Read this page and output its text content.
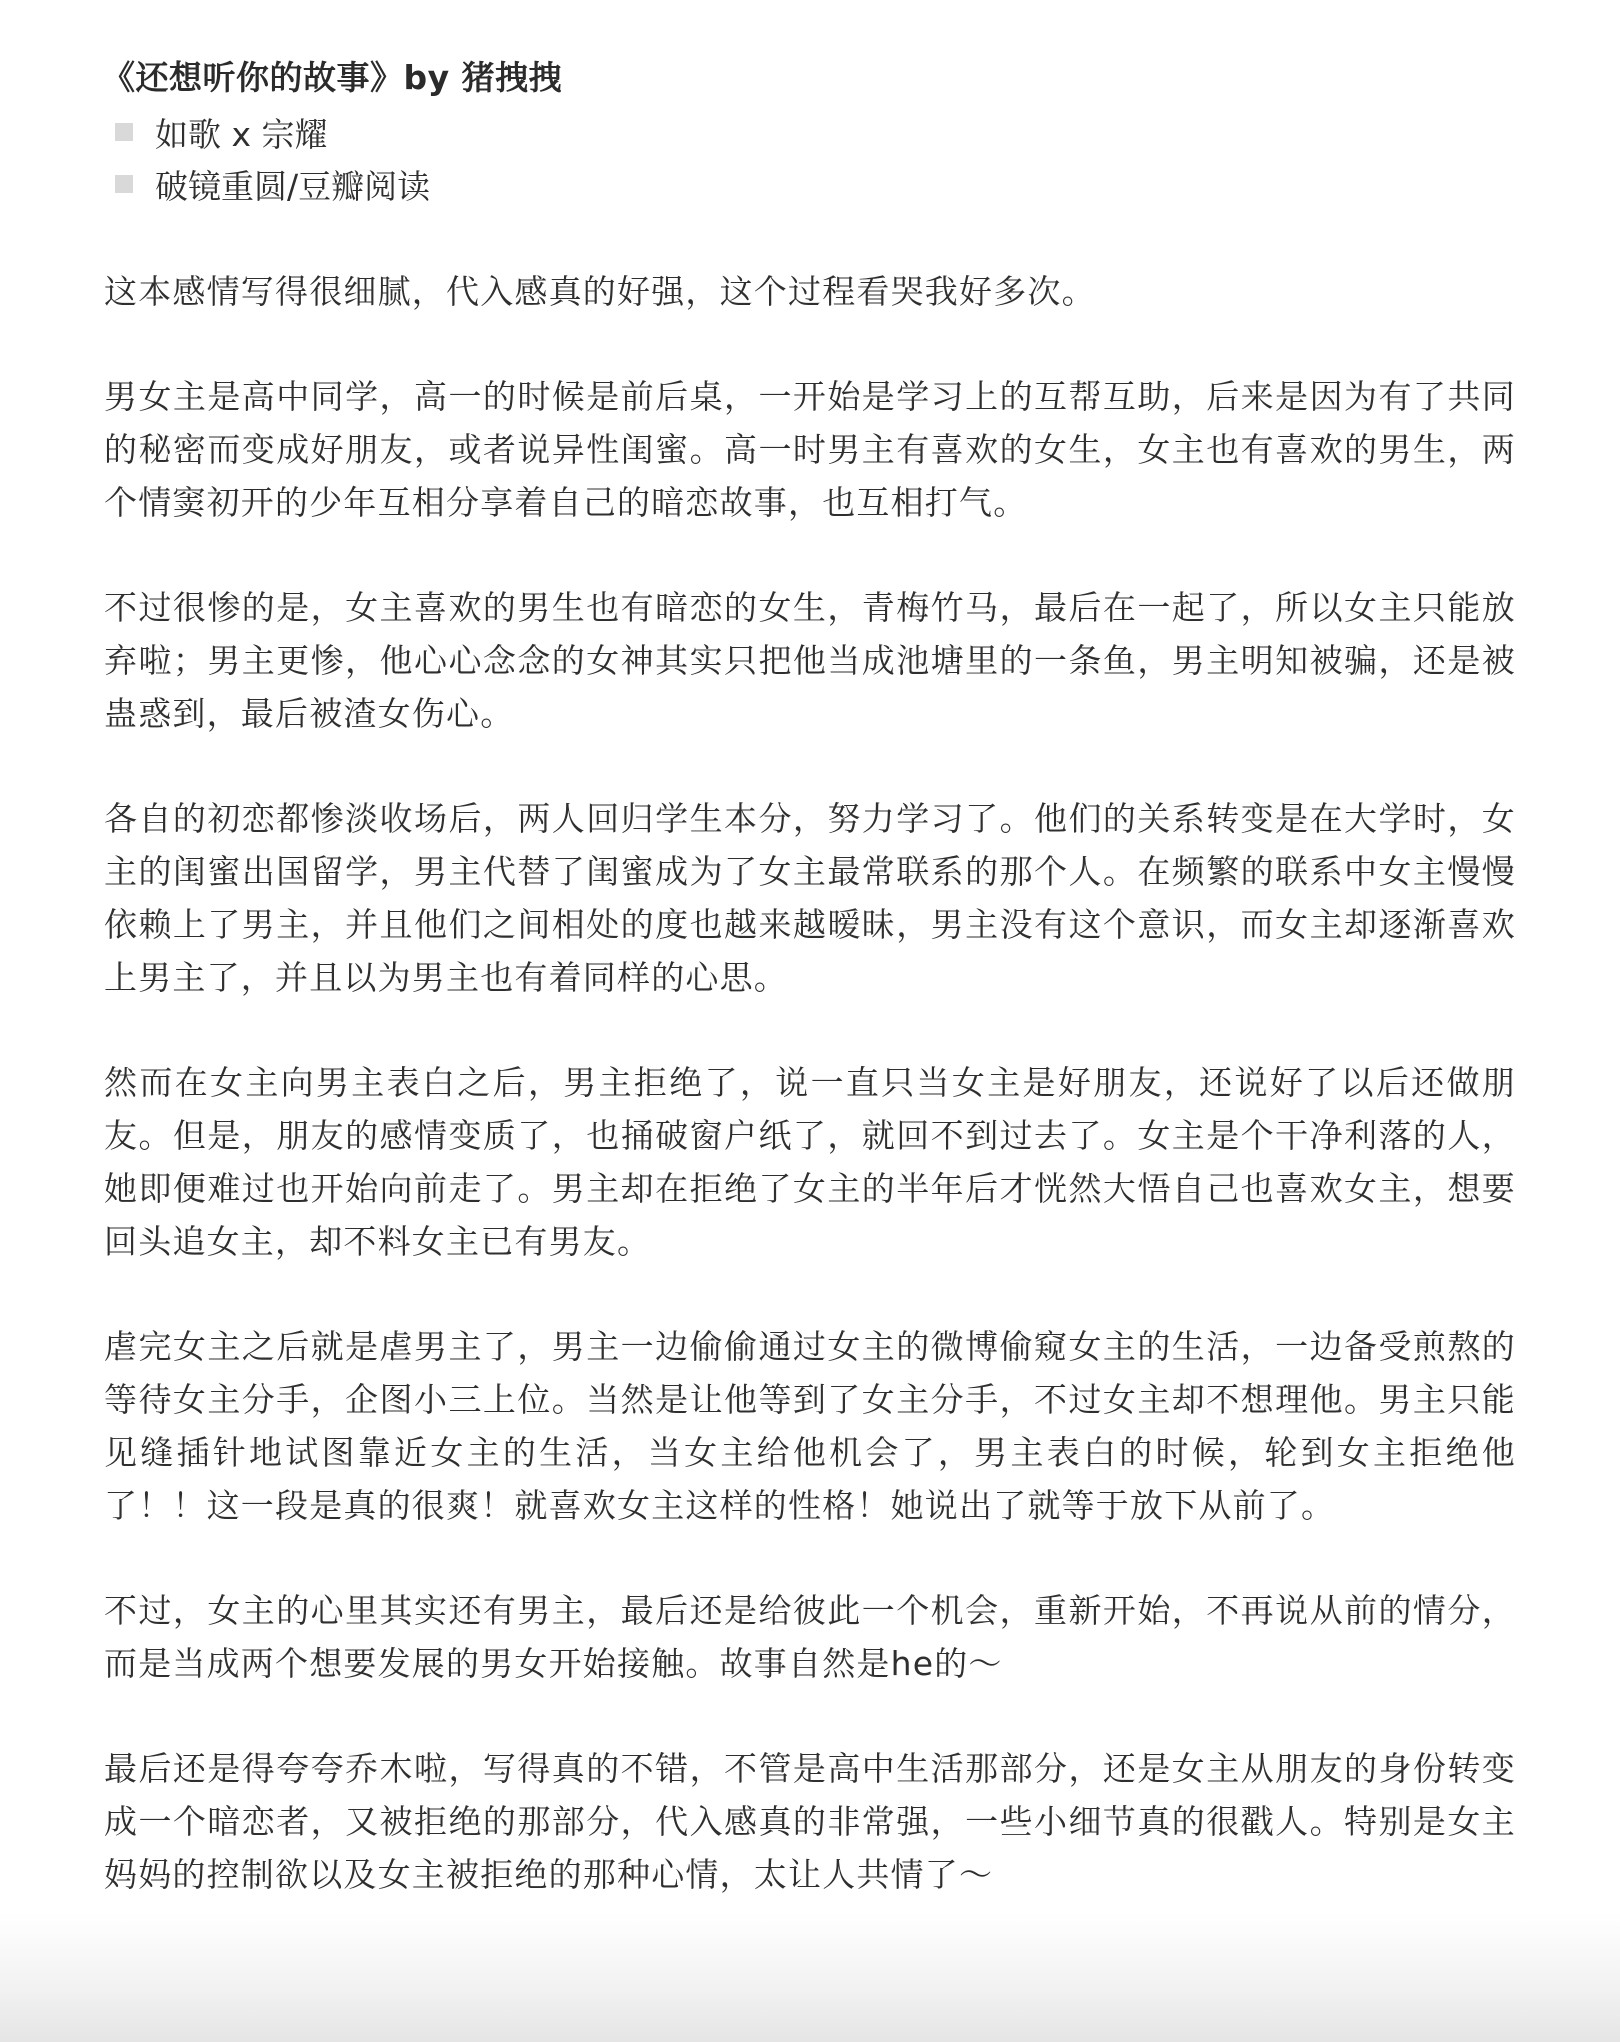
《还想听你的故事》by 猪拽拽
如歌 x 宗耀
破镜重圆/豆瓣阅读

这本感情写得很细腻，代入感真的好强，这个过程看哭我好多次。

男女主是高中同学，高一的时候是前后桌，一开始是学习上的互帮互助，后来是因为有了共同的秘密而变成好朋友，或者说异性闺蜜。高一时男主有喜欢的女生，女主也有喜欢的男生，两个情窦初开的少年互相分享着自己的暗恋故事，也互相打气。

不过很惨的是，女主喜欢的男生也有暗恋的女生，青梅竹马，最后在一起了，所以女主只能放弃啦；男主更惨，他心心念念的女神其实只把他当成池塘里的一条鱼，男主明知被骗，还是被蛊惑到，最后被渣女伤心。

各自的初恋都惨淡收场后，两人回归学生本分，努力学习了。他们的关系转变是在大学时，女主的闺蜜出国留学，男主代替了闺蜜成为了女主最常联系的那个人。在频繁的联系中女主慢慢依赖上了男主，并且他们之间相处的度也越来越暧昧，男主没有这个意识，而女主却逐渐喜欢上男主了，并且以为男主也有着同样的心思。

然而在女主向男主表白之后，男主拒绝了，说一直只当女主是好朋友，还说好了以后还做朋友。但是，朋友的感情变质了，也捅破窗户纸了，就回不到过去了。女主是个干净利落的人，她即便难过也开始向前走了。男主却在拒绝了女主的半年后才恍然大悟自己也喜欢女主，想要回头追女主，却不料女主已有男友。

虐完女主之后就是虐男主了，男主一边偷偷通过女主的微博偷窥女主的生活，一边备受煎熬的等待女主分手，企图小三上位。当然是让他等到了女主分手，不过女主却不想理他。男主只能见缝插针地试图靠近女主的生活，当女主给他机会了，男主表白的时候，轮到女主拒绝他了！！这一段是真的很爽！就喜欢女主这样的性格！她说出了就等于放下从前了。

不过，女主的心里其实还有男主，最后还是给彼此一个机会，重新开始，不再说从前的情分，而是当成两个想要发展的男女开始接触。故事自然是he的～

最后还是得夸夸乔木啦，写得真的不错，不管是高中生活那部分，还是女主从朋友的身份转变成一个暗恋者，又被拒绝的那部分，代入感真的非常强，一些小细节真的很戳人。特别是女主妈妈的控制欲以及女主被拒绝的那种心情，太让人共情了～
